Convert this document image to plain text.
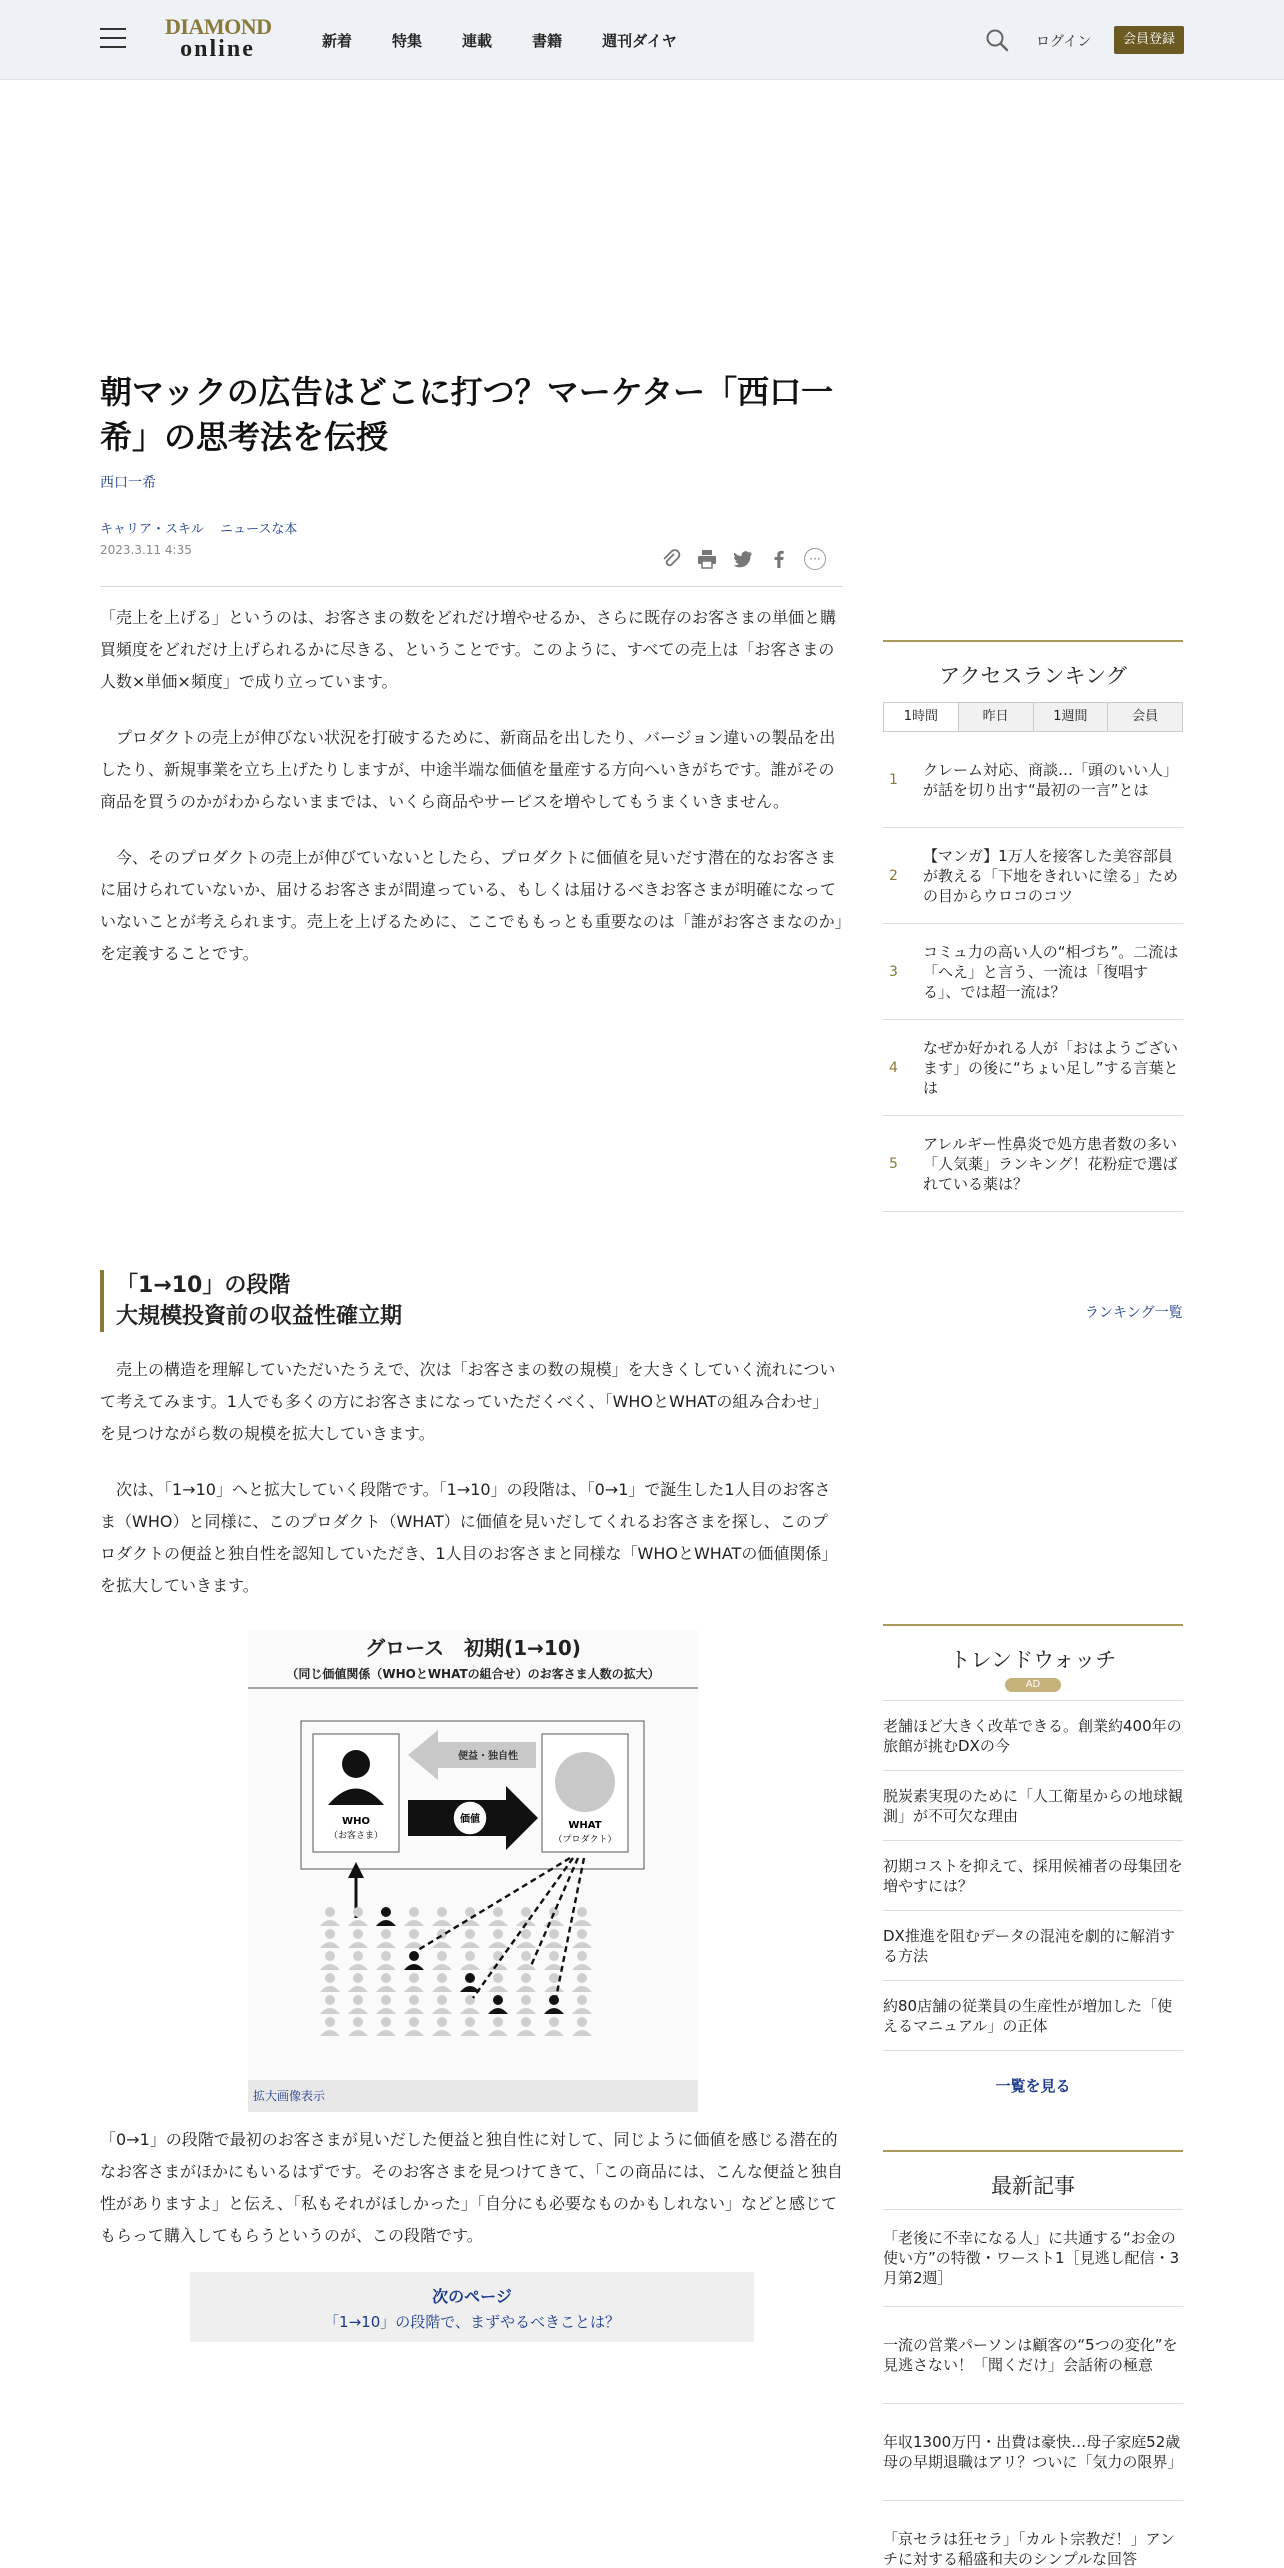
DIAMOND
online	新着	特集	連載	書籍	週刊ダイヤ	ログイン	会員登録
朝マックの広告はどこに打つ？マーケター「西口一希」の思考法を伝授
西口一希
キャリア・スキル ニュースな本
2023.3.11 4:35
···

「売上を上げる」というのは、お客さまの数をどれだけ増やせるか、さらに既存のお客さまの単価と購買頻度をどれだけ上げられるかに尽きる、ということです。このように、すべての売上は「お客さまの人数×単価×頻度」で成り立っています。

　プロダクトの売上が伸びない状況を打破するために、新商品を出したり、バージョン違いの製品を出したり、新規事業を立ち上げたりしますが、中途半端な価値を量産する方向へいきがちです。誰がその商品を買うのかがわからないままでは、いくら商品やサービスを増やしてもうまくいきません。

　今、そのプロダクトの売上が伸びていないとしたら、プロダクトに価値を見いだす潜在的なお客さまに届けられていないか、届けるお客さまが間違っている、もしくは届けるべきお客さまが明確になっていないことが考えられます。売上を上げるために、ここでももっとも重要なのは「誰がお客さまなのか」を定義することです。

「1→10」の段階
大規模投資前の収益性確立期

　売上の構造を理解していただいたうえで、次は「お客さまの数の規模」を大きくしていく流れについて考えてみます。1人でも多くの方にお客さまになっていただくべく、「WHOとWHATの組み合わせ」を見つけながら数の規模を拡大していきます。

　次は、「1→10」へと拡大していく段階です。「1→10」の段階は、「0→1」で誕生した1人目のお客さま（WHO）と同様に、このプロダクト（WHAT）に価値を見いだしてくれるお客さまを探し、このプロダクトの便益と独自性を認知していただき、1人目のお客さまと同様な「WHOとWHATの価値関係」を拡大していきます。

グロース　初期(1→10)
（同じ価値関係（WHOとWHATの組合せ）のお客さま人数の拡大）
WHO
（お客さま）
WHAT
（プロダクト）
便益・独自性
価値
拡大画像表示

「0→1」の段階で最初のお客さまが見いだした便益と独自性に対して、同じように価値を感じる潜在的なお客さまがほかにもいるはずです。そのお客さまを見つけてきて、「この商品には、こんな便益と独自性がありますよ」と伝え、「私もそれがほしかった」「自分にも必要なものかもしれない」などと感じてもらって購入してもらうというのが、この段階です。

次のページ
「1→10」の段階で、まずやるべきことは？
アクセスランキング
1時間	昨日	1週間	会員
1
クレーム対応、商談…「頭のいい人」が話を切り出す“最初の一言”とは
2
【マンガ】1万人を接客した美容部員が教える「下地をきれいに塗る」ための目からウロコのコツ
3
コミュ力の高い人の“相づち”。二流は「へえ」と言う、一流は「復唱する」、では超一流は？
4
なぜか好かれる人が「おはようございます」の後に“ちょい足し”する言葉とは
5
アレルギー性鼻炎で処方患者数の多い「人気薬」ランキング！花粉症で選ばれている薬は？
ランキング一覧
トレンドウォッチ
AD
老舗ほど大きく改革できる。創業約400年の旅館が挑むDXの今
脱炭素実現のために「人工衛星からの地球観測」が不可欠な理由
初期コストを抑えて、採用候補者の母集団を増やすには？
DX推進を阻むデータの混沌を劇的に解消する方法
約80店舗の従業員の生産性が増加した「使えるマニュアル」の正体
一覧を見る
最新記事
「老後に不幸になる人」に共通する“お金の使い方”の特徴・ワースト1［見逃し配信・3月第2週］
一流の営業パーソンは顧客の“5つの変化”を見逃さない！「聞くだけ」会話術の極意
年収1300万円・出費は豪快…母子家庭52歳母の早期退職はアリ？ついに「気力の限界」
「京セラは狂セラ」「カルト宗教だ！」アンチに対する稲盛和夫のシンプルな回答
